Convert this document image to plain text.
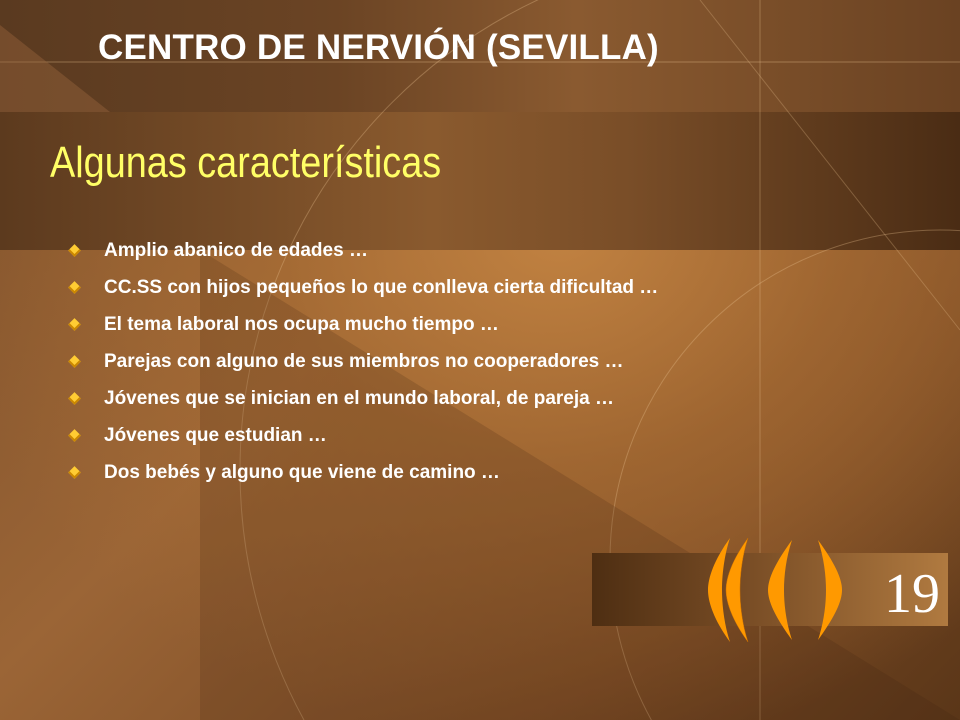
CENTRO DE NERVIÓN (SEVILLA)
Algunas características
Amplio abanico de edades …
CC.SS con hijos pequeños lo que conlleva cierta dificultad …
El tema laboral nos ocupa mucho tiempo …
Parejas con alguno de sus miembros no cooperadores …
Jóvenes que se inician en el mundo laboral, de pareja …
Jóvenes que estudian …
Dos bebés y alguno que viene de camino …
19
